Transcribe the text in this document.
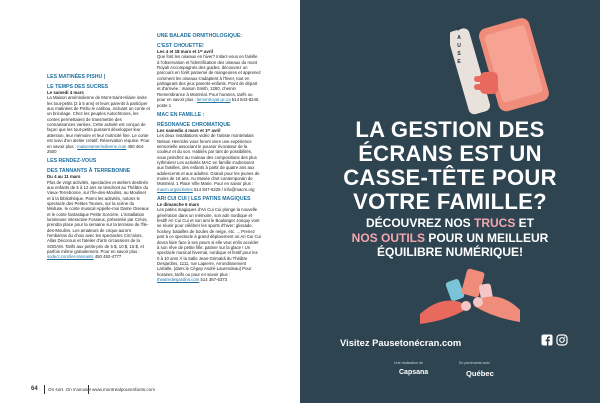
LES MATINÉES PISHU |
LE TEMPS DES SUCRES
Le samedi 4 mars
La Maison amérindienne de Mont-Saint-Hilaire invite les tout-petits (2 à 5 ans) et leurs parents à participer aux matinées de Pishu le caribou, incluant un conte et un bricolage. Chez les peuples Autochtones, les contes permettaient de transmettre des connaissances variées. Cette activité est conçue de façon que les tout-petits puissent développer leur attention, leur mémoire et leur motricité fine. Le conte est suivi d'un atelier créatif. Réservation requise. Pour en savoir plus : maisonamerindienne.com 450 464-2500
LES RENDEZ-VOUS
DES TANNANTS À TERREBONNE
Du 4 au 11 mars
Plus de vingt activités, spectacles et ateliers destinés aux enfants de 5 à 12 ans se tiendront au Théâtre du Vieux-Terrebonne, sur l'Île-des-Moulins, au Moulinet et à la bibliothèque. Parmi les activités, notons le spectacle des Petites Tounes, sur la scène du Méduse, le conte musical Appelle-moi Dame Oiseaux et le conte fantastique Petite Sorcière. L'installation lumineuse interactive Fosseux, présentée par Créos, prendra place pour la semaine sur la terrasse de l'Île-des-Moulins. Les amateurs de cirque auront l'embarras du choix avec les spectacles Circ'alors, Allas Décorous et l'atelier d'arts circassiens de la SODAM. Tarifs aux petits-prix de 5 $, 10 $, 15 $, et parfois même gratuitement. Pour en savoir plus : sodect.com/les-tannants 450 492-4777
UNE BALADE ORNITHOLOGIQUE:
C'EST CHOUETTE!
Les 4 et 18 mars et 1ᵉʳ avril
Que font les oiseaux en hiver? Initiez-vous en famille à l'observation et l'identification des oiseaux du mont Royal! Accompagnés des guides, découvrez un parcours en forêt parsemé de mangeoires et apprenez comment les oiseaux s'adaptent à l'hiver, tout en partageant des jeux parents-enfants. Point de départ et d'arrivée : maison Smith, 1260, chemin Remembrance à Montréal. Pour horaires, tarifs ou pour en savoir plus : lemontroyal.qc.ca 514 843-8240, poste 1
MAC EN FAMILLE :
RÉSONANCE CHROMATIQUE
Les samedis 4 mars et 1ᵉʳ avril
Les deux installations vidéo de l'artiste montréalais Nelson Henricks vous feront vivre une expérience sensorielle associant le pouvoir évocateur de la couleur et du son. Habités par tant de possibilités, vous peindrez au rouleau des compositions des plus rythmées! Les activités MAC en famille s'adressent aux familles, des enfants à partir de quatre ans aux adolescents et aux adultes. Gratuit pour les jeunes de moins de 18 ans. Au Musée d'art contemporain de Montréal, 1 Place Ville Marie. Pour en savoir plus : macm.org/activites 514 847-6226 / info@macm.org
ARI CUI CUI | LES PATINS MAGIQUES
Le dimanche 5 mars
Les patins magiques d'Ari Cui Cui plonge la nouvelle génération dans un mémoire, son adn nordique et festif! Ari Cui Cui et son ami le Boulanger Jonquy vont se réunir pour célébrer les sports d'hiver: glissade, hockey, batailles de boules de neige, etc. ... Prenez part à ce spectacle à grand déploiement où Ari Cui Cui devra faire face à ses peurs si elle veut enfin accéder à son rêve de petite fille: patiner sur la glace ! Un spectacle musical hivernal, nordique et festif pour les 0 à 10 ans! À la Salle Jean-Grimaldi du Théâtre Desjardins, 1111, rue Lapierre, Arrondissement LaSalle, (dans le Cégep André-Laurendeau) Pour horaires, tarifs ou pour en savoir plus : theatredesjardins.com 514 367-6373
64 On sort. On s'amuse! www.montrealpourenfants.com
P
A
U
S
E
LA GESTION DES ÉCRANS EST UN CASSE-TÊTE POUR VOTRE FAMILLE?
DÉCOUVREZ NOS TRUCS ET
NOS OUTILS POUR UN MEILLEUR ÉQUILIBRE NUMÉRIQUE!
Visitez Pausetonécran.com
Une réalisation de
Capsana
En partenariat avec
Québec
